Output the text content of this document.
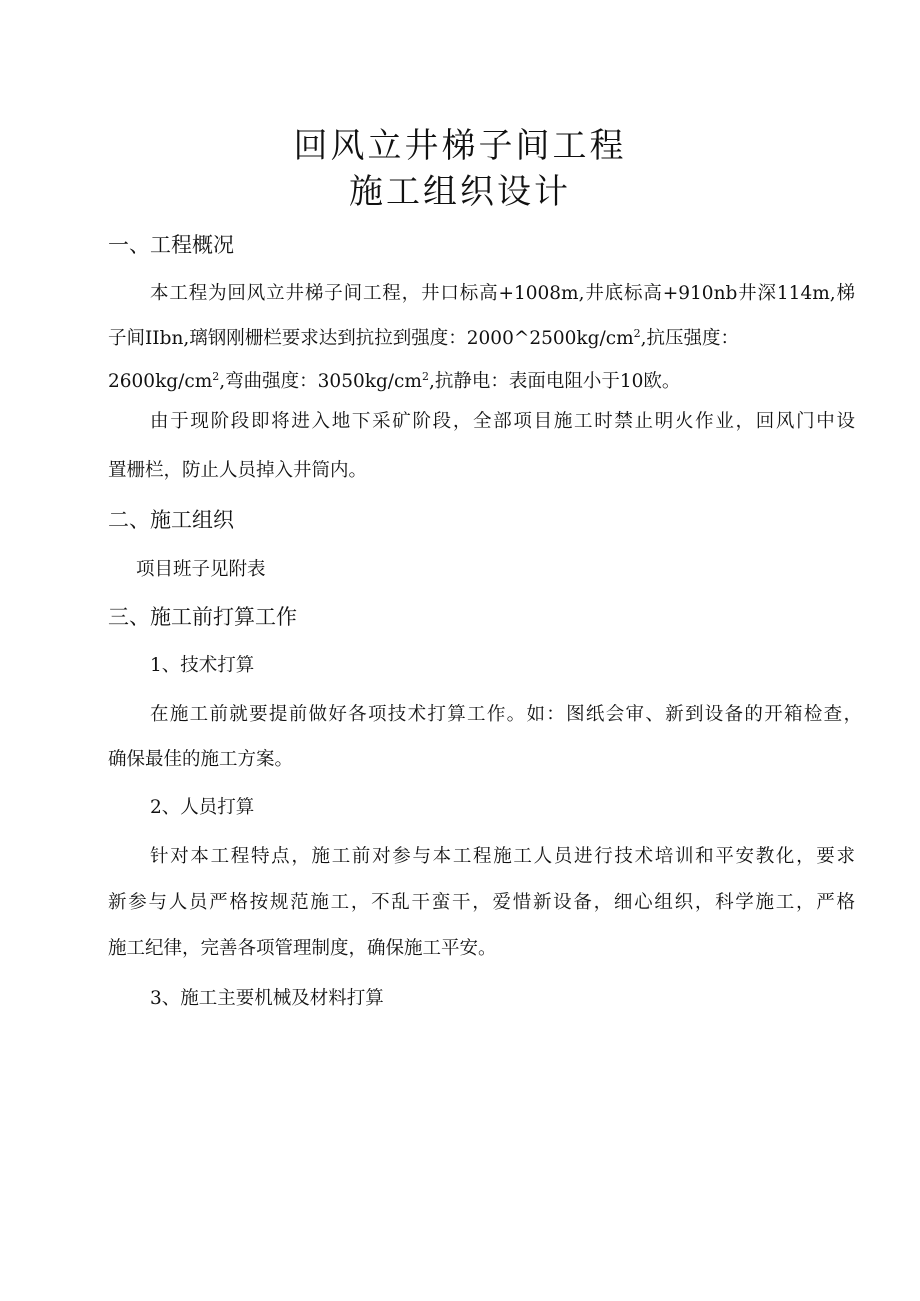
回风立井梯子间工程
施工组织设计
一、工程概况
本工程为回风立井梯子间工程，井口标高+1008m,井底标高+910nb井深114m,梯
子间IIbn,璃钢刚栅栏要求达到抗拉到强度：$2000\^{}2500kg/cm^2$,抗压强度：
$2600kg/cm^2$,弯曲强度：$3050kg/cm^2$,抗静电：表面电阻小于10欧。
由于现阶段即将进入地下采矿阶段，全部项目施工时禁止明火作业，回风门中设
置栅栏，防止人员掉入井筒内。
二、施工组织
项目班子见附表
三、施工前打算工作
1、技术打算
在施工前就要提前做好各项技术打算工作。如：图纸会审、新到设备的开箱检查，
确保最佳的施工方案。
2、人员打算
针对本工程特点，施工前对参与本工程施工人员进行技术培训和平安教化，要求
新参与人员严格按规范施工，不乱干蛮干，爱惜新设备，细心组织，科学施工，严格
施工纪律，完善各项管理制度，确保施工平安。
3、施工主要机械及材料打算
